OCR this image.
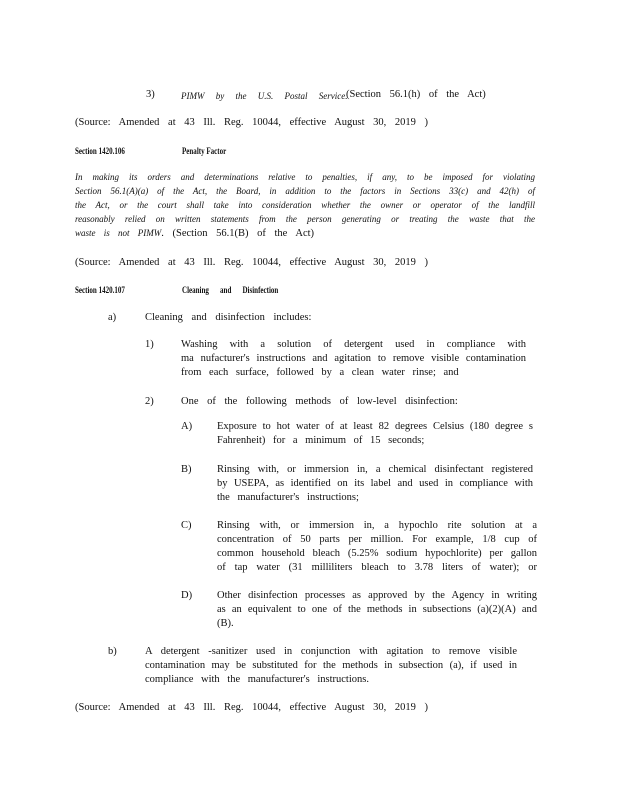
3)	PIMW by the U.S. Postal Service.
(Section 56.1(h) of the Act)
(Source: Amended at 43 Ill. Reg. 10044, effective August 30, 2019 )
Section 1420.106	Penalty Factor
In making its orders and determinations relative to penalties, if any, to be imposed for violating
Section 56.1(A)(a) of the Act, the Board, in addition to the factors in Sections 33(c) and 42(h) of
the Act, or the court shall take into consideration whether the owner or operator of the landfill
reasonably relied on written statements from the person generating or treating the waste that the
waste is not PIMW. (Section 56.1(B) of the Act)
(Source: Amended at 43 Ill. Reg. 10044, effective August 30, 2019 )
Section 1420.107	Cleaning and Disinfection
a)	Cleaning and disinfection includes:
1)	Washing with a solution of detergent used in compliance with
ma nufacturer's instructions and agitation to remove visible contamination
from each surface, followed by a clean water rinse; and
2)	One of the following methods of low-level disinfection:
A) Exposure to hot water of at least 82 degrees Celsius (180 degree s
Fahrenheit) for a minimum of 15 seconds;
B) Rinsing with, or immersion in, a chemical disinfectant registered
by USEPA, as identified on its label and used in compliance with
the manufacturer's instructions;
C) Rinsing with, or immersion in, a hypochlo rite solution at a
concentration of 50 parts per million. For example, 1/8 cup of
common household bleach (5.25% sodium hypochlorite) per gallon
of tap water (31 milliliters bleach to 3.78 liters of water); or
D) Other disinfection processes as approved by the Agency in writing
as an equivalent to one of the methods in subsections (a)(2)(A) and
(B).
b)	A detergent -sanitizer used in conjunction with agitation to remove visible
contamination may be substituted for the methods in subsection (a), if used in
compliance with the manufacturer's instructions.
(Source: Amended at 43 Ill. Reg. 10044, effective August 30, 2019 )
